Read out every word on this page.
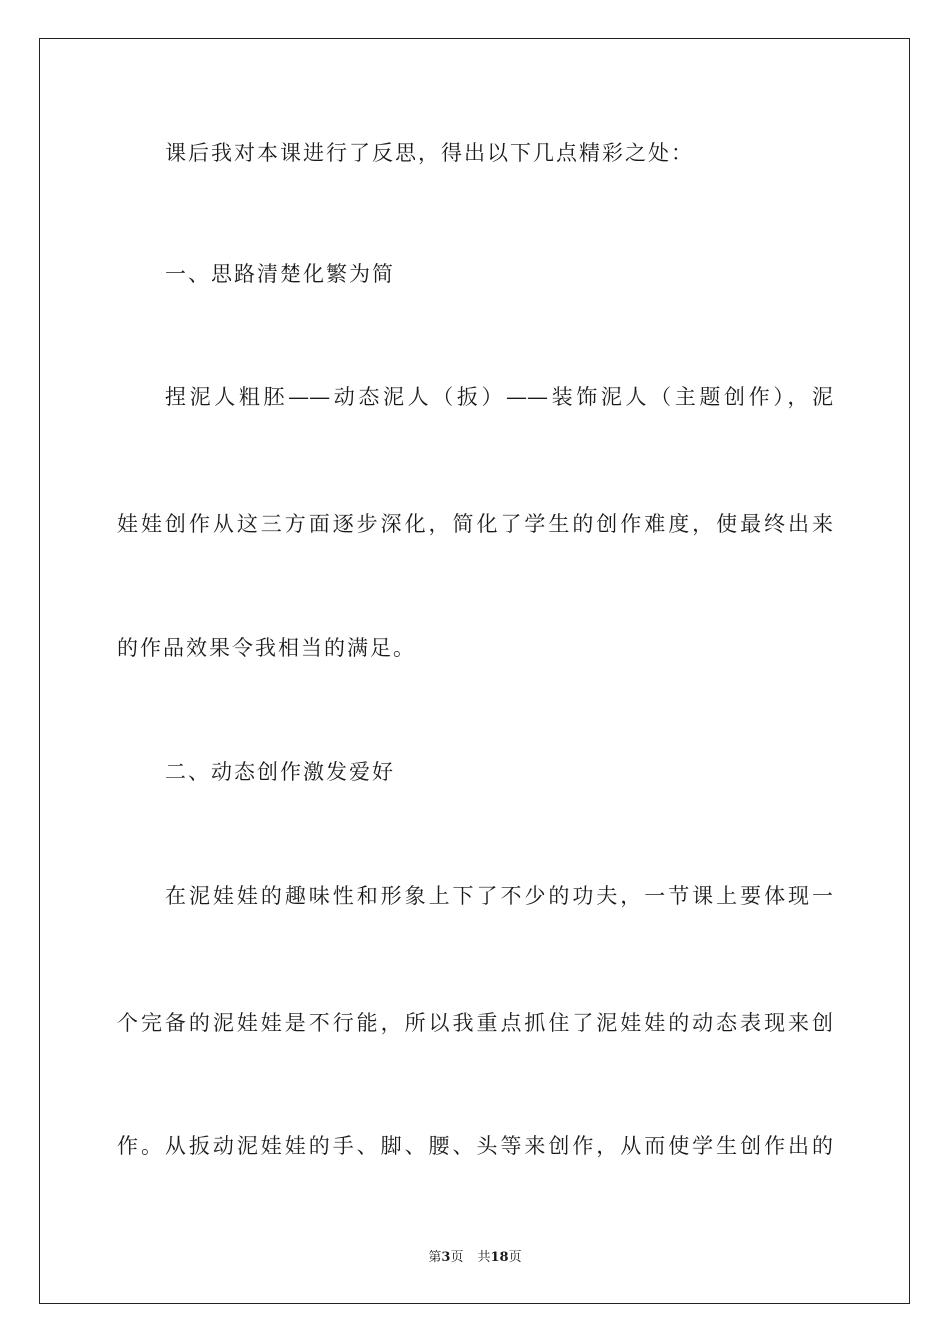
课后我对本课进行了反思，得出以下几点精彩之处：
一、思路清楚化繁为简
捏泥人粗胚——动态泥人（扳）——装饰泥人（主题创作），泥
娃娃创作从这三方面逐步深化，简化了学生的创作难度，使最终出来
的作品效果令我相当的满足。
二、动态创作激发爱好
在泥娃娃的趣味性和形象上下了不少的功夫，一节课上要体现一
个完备的泥娃娃是不行能，所以我重点抓住了泥娃娃的动态表现来创
作。从扳动泥娃娃的手、脚、腰、头等来创作，从而使学生创作出的
第3页 共18页
